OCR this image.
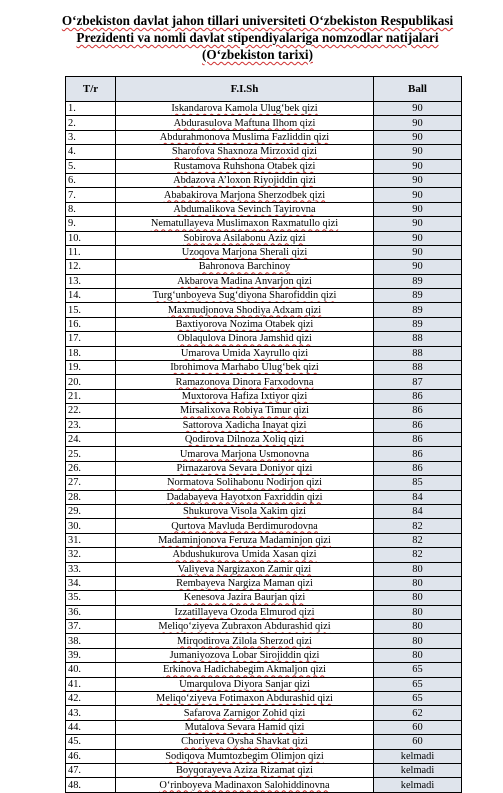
O‘zbekiston davlat jahon tillari universiteti O‘zbekiston Respublikasi
Prezidenti va nomli davlat stipendiyalariga nomzodlar natijalari
(O‘zbekiston tarixi)
T/r	F.I.Sh	Ball
1.	Iskandarova Kamola Ulug‘bek qizi	90
2.	Abdurasulova Maftuna Ilhom qizi	90
3.	Abdurahmonova Muslima Fazliddin qizi	90
4.	Sharofova Shaxnoza Mirzoxid qizi	90
5.	Rustamova Ruhshona Otabek qizi	90
6.	Abdazova A’loxon Riyojiddin qizi	90
7.	Ababakirova Marjona Sherzodbek qizi	90
8.	Abdumalikova Sevinch Tayirovna	90
9.	Nematullayeva Muslimaxon Raxmatullo qizi	90
10.	Sobirova Asilabonu Aziz qizi	90
11.	Uzoqova Marjona Sherali qizi	90
12.	Bahronova Barchinoy	90
13.	Akbarova Madina Anvarjon qizi	89
14.	Turg‘unboyeva Sug‘diyona Sharofiddin qizi	89
15.	Maxmudjonova Shodiya Adxam qizi	89
16.	Baxtiyorova Nozima Otabek qizi	89
17.	Oblaqulova Dinora Jamshid qizi	88
18.	Umarova Umida Xayrullo qizi	88
19.	Ibrohimova Marhabo Ulug‘bek qizi	88
20.	Ramazonova Dinora Farxodovna	87
21.	Muxtorova Hafiza Ixtiyor qizi	86
22.	Mirsalixova Robiya Timur qizi	86
23.	Sattorova Xadicha Inayat qizi	86
24.	Qodirova Dilnoza Xoliq qizi	86
25.	Umarova Marjona Usmonovna	86
26.	Pirnazarova Sevara Doniyor qizi	86
27.	Normatova Solihabonu Nodirjon qizi	85
28.	Dadabayeva Hayotxon Faxriddin qizi	84
29.	Shukurova Visola Xakim qizi	84
30.	Qurtova Mavluda Berdimurodovna	82
31.	Madaminjonova Feruza Madaminjon qizi	82
32.	Abdushukurova Umida Xasan qizi	82
33.	Valiyeva Nargizaxon Zamir qizi	80
34.	Rembayeva Nargiza Maman qizi	80
35.	Kenesova Jazira Baurjan qizi	80
36.	Izzatillayeva Ozoda Elmurod qizi	80
37.	Meliqo‘ziyeva Zubraxon Abdurashid qizi	80
38.	Mirqodirova Zilola Sherzod qizi	80
39.	Jumaniyozova Lobar Sirojiddin qizi	80
40.	Erkinova Hadichabegim Akmaljon qizi	65
41.	Umarqulova Diyora Sanjar qizi	65
42.	Meliqo‘ziyeva Fotimaxon Abdurashid qizi	65
43.	Safarova Zarnigor Zohid qizi	62
44.	Mutalova Sevara Hamid qizi	60
45.	Choriyeva Oysha Shavkat qizi	60
46.	Sodiqova Mumtozbegim Olimjon qizi	kelmadi
47.	Boyqorayeva Aziza Rizamat qizi	kelmadi
48.	O‘rinboyeva Madinaxon Salohiddinovna	kelmadi
